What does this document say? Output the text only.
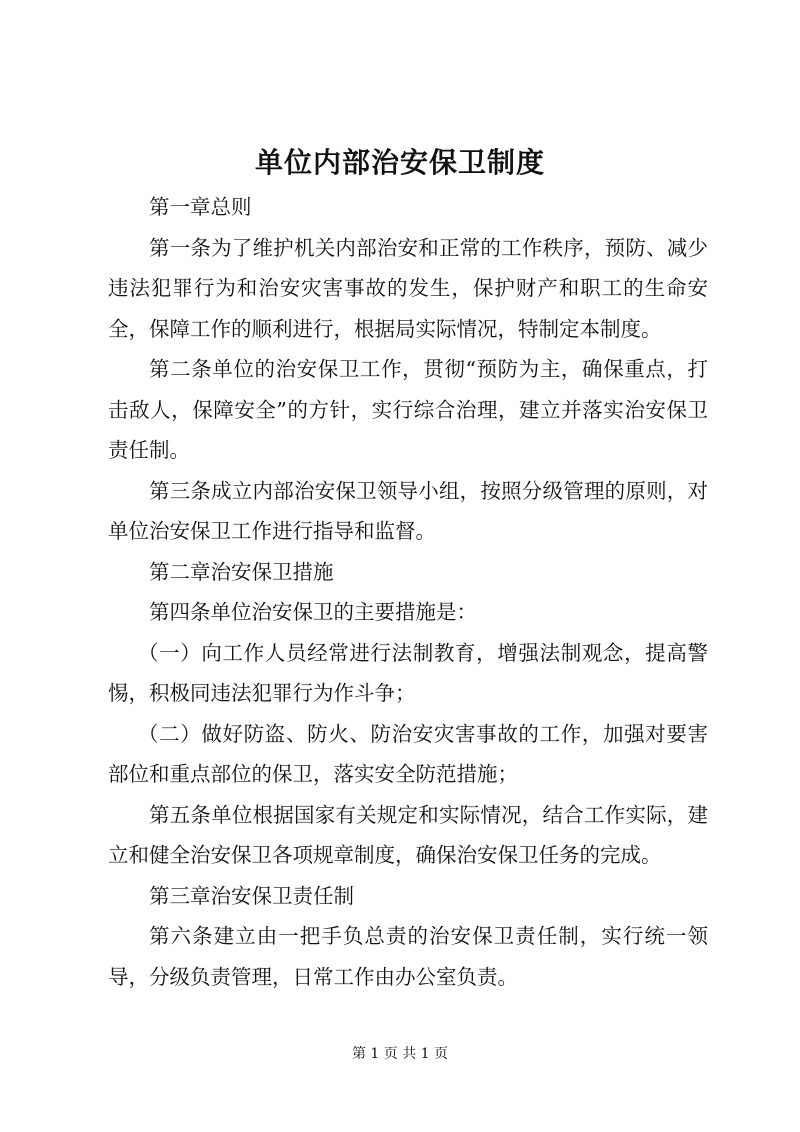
单位内部治安保卫制度

第一章总则

第一条为了维护机关内部治安和正常的工作秩序，预防、减少违法犯罪行为和治安灾害事故的发生，保护财产和职工的生命安全，保障工作的顺利进行，根据局实际情况，特制定本制度。

第二条单位的治安保卫工作，贯彻“预防为主，确保重点，打击敌人，保障安全”的方针，实行综合治理，建立并落实治安保卫责任制。

第三条成立内部治安保卫领导小组，按照分级管理的原则，对单位治安保卫工作进行指导和监督。

第二章治安保卫措施

第四条单位治安保卫的主要措施是：

（一）向工作人员经常进行法制教育，增强法制观念，提高警惕，积极同违法犯罪行为作斗争；

（二）做好防盗、防火、防治安灾害事故的工作，加强对要害部位和重点部位的保卫，落实安全防范措施；

第五条单位根据国家有关规定和实际情况，结合工作实际，建立和健全治安保卫各项规章制度，确保治安保卫任务的完成。

第三章治安保卫责任制

第六条建立由一把手负总责的治安保卫责任制，实行统一领导，分级负责管理，日常工作由办公室负责。

第 1 页 共 1 页
